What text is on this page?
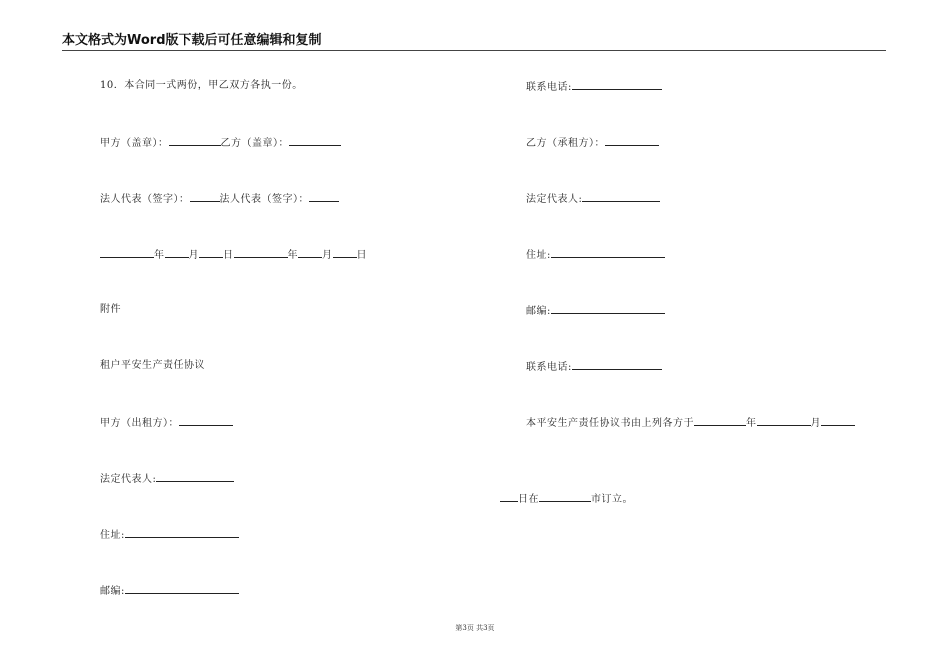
本文格式为Word版下载后可任意编辑和复制
10．本合同一式两份，甲乙双方各执一份。
甲方（盖章）：	乙方（盖章）：
法人代表（签字）：	法人代表（签字）：
年 月 日	年 月 日
附件
租户平安生产责任协议
甲方（出租方）：
法定代表人:
住址:
邮编:
联系电话:
乙方（承租方）：
法定代表人:
住址:
邮编:
联系电话:
本平安生产责任协议书由上列各方于	年	月
日在	市订立。
第3页 共3页
